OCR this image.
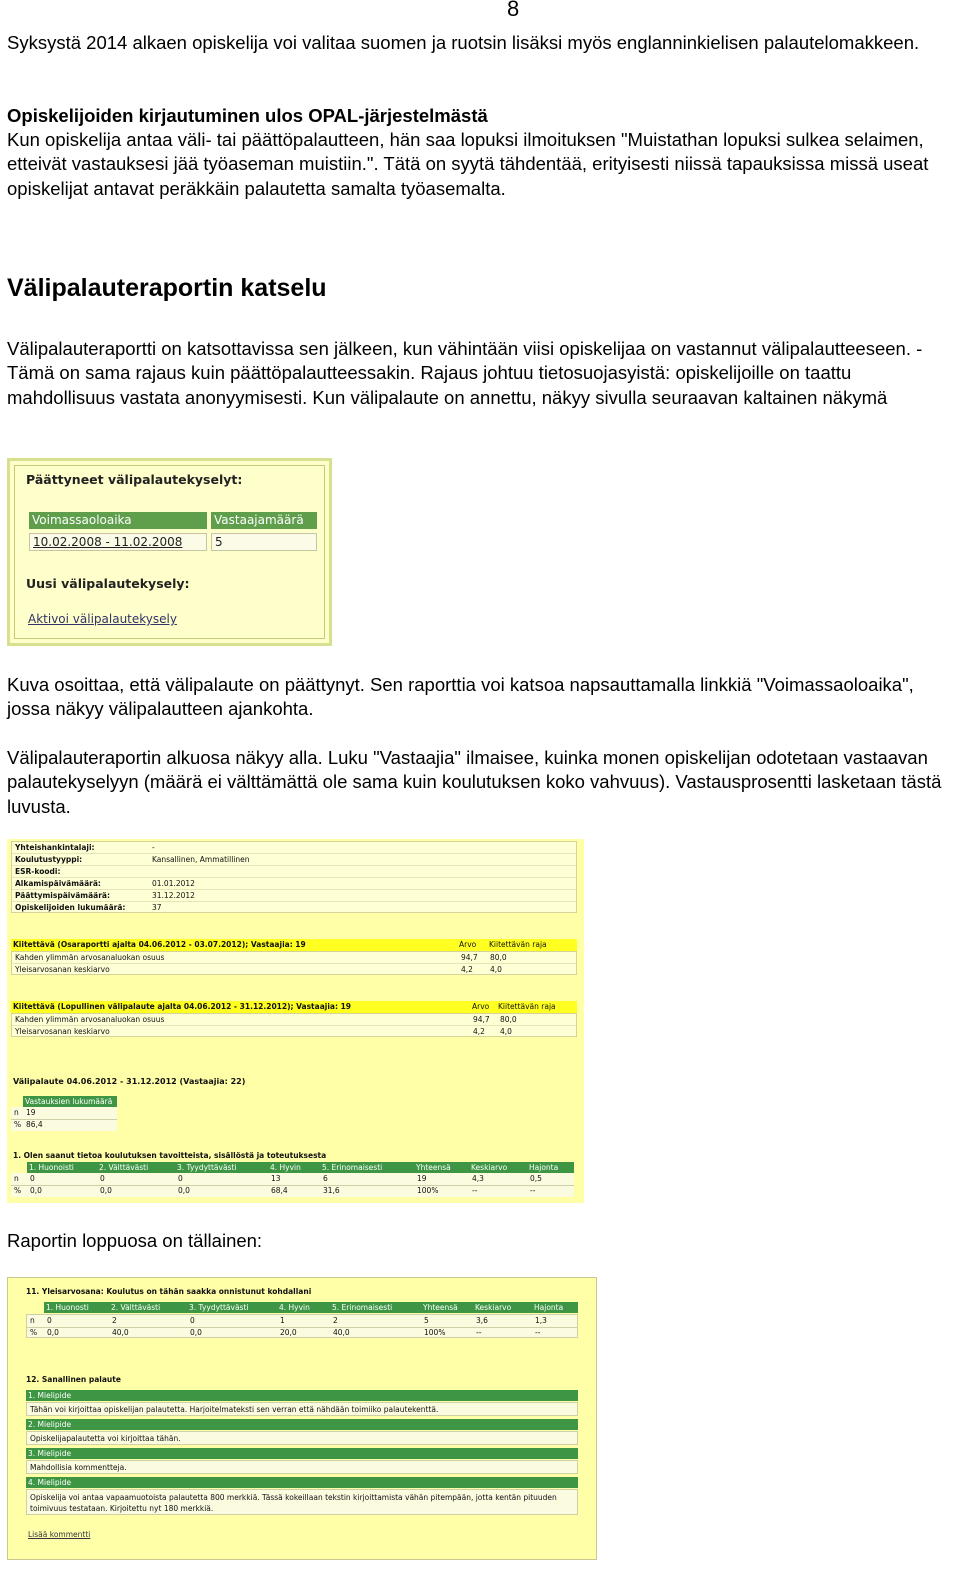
8
Syksystä 2014 alkaen opiskelija voi valitaa suomen ja ruotsin lisäksi myös englanninkielisen palautelomakkeen.
Opiskelijoiden kirjautuminen ulos OPAL-järjestelmästä
Kun opiskelija antaa väli- tai päättöpalautteen, hän saa lopuksi ilmoituksen "Muistathan lopuksi sulkea selaimen, etteivät vastauksesi jää työaseman muistiin.". Tätä on syytä tähdentää, erityisesti niissä tapauksissa missä useat opiskelijat antavat peräkkäin palautetta samalta työasemalta.
Välipalauteraportin katselu
Välipalauteraportti on katsottavissa sen jälkeen, kun vähintään viisi opiskelijaa on vastannut välipalautteeseen. - Tämä on sama rajaus kuin päättöpalautteessakin. Rajaus johtuu tietosuojasyistä: opiskelijoille on taattu mahdollisuus vastata anonyymisesti. Kun välipalaute on annettu, näkyy sivulla seuraavan kaltainen näkymä
Päättyneet välipalautekyselyt:
Voimassaoloaika	Vastaajamäärä
10.02.2008 - 11.02.2008	5
Uusi välipalautekysely:
Aktivoi välipalautekysely
Kuva osoittaa, että välipalaute on päättynyt. Sen raporttia voi katsoa napsauttamalla linkkiä "Voimassaoloaika", jossa näkyy välipalautteen ajankohta.
Välipalauteraportin alkuosa näkyy alla. Luku "Vastaajia" ilmaisee, kuinka monen opiskelijan odotetaan vastaavan palautekyselyyn (määrä ei välttämättä ole sama kuin koulutuksen koko vahvuus). Vastausprosentti lasketaan tästä luvusta.
Yhteishankintalaji:	-
Koulutustyyppi:	Kansallinen, Ammatillinen
ESR-koodi:
Alkamispäivämäärä:	01.01.2012
Päättymispäivämäärä:	31.12.2012
Opiskelijoiden lukumäärä:	37
Kiitettävä (Osaraportti ajalta 04.06.2012 - 03.07.2012); Vastaajia: 19	Arvo Kiitettävän raja
Kahden ylimmän arvosanaluokan osuus	94,7 80,0
Yleisarvosanan keskiarvo	4,2 4,0
Kiitettävä (Lopullinen välipalaute ajalta 04.06.2012 - 31.12.2012); Vastaajia: 19	Arvo Kiitettävän raja
Kahden ylimmän arvosanaluokan osuus	94,7 80,0
Yleisarvosanan keskiarvo	4,2 4,0
Välipalaute 04.06.2012 - 31.12.2012 (Vastaajia: 22)
Vastauksien lukumäärä
n 19
% 86,4
1. Olen saanut tietoa koulutuksen tavoitteista, sisällöstä ja toteutuksesta
1. Huonoisti	2. Välttävästi	3. Tyydyttävästi	4. Hyvin	5. Erinomaisesti	Yhteensä	Keskiarvo	Hajonta
n 0	0	0	13	6	19	4,3	0,5
% 0,0	0,0	0,0	68,4	31,6	100%	--	--
Raportin loppuosa on tällainen:
11. Yleisarvosana: Koulutus on tähän saakka onnistunut kohdallani
1. Huonosti	2. Välttävästi	3. Tyydyttävästi	4. Hyvin	5. Erinomaisesti	Yhteensä Keskiarvo	Hajonta
n 0	2	0	1	2	5	3,6	1,3
% 0,0	40,0	0,0	20,0	40,0	100%	--	--
12. Sanallinen palaute
1. Mielipide
Tähän voi kirjoittaa opiskelijan palautetta. Harjoitelmateksti sen verran että nähdään toimiiko palautekenttä.
2. Mielipide
Opiskelijapalautetta voi kirjoittaa tähän.
3. Mielipide
Mahdollisia kommentteja.
4. Mielipide
Opiskelija voi antaa vapaamuotoista palautetta 800 merkkiä. Tässä kokeillaan tekstin kirjoittamista vähän pitempään, jotta kentän pituuden toimivuus testataan. Kirjoitettu nyt 180 merkkiä.
Lisää kommentti
